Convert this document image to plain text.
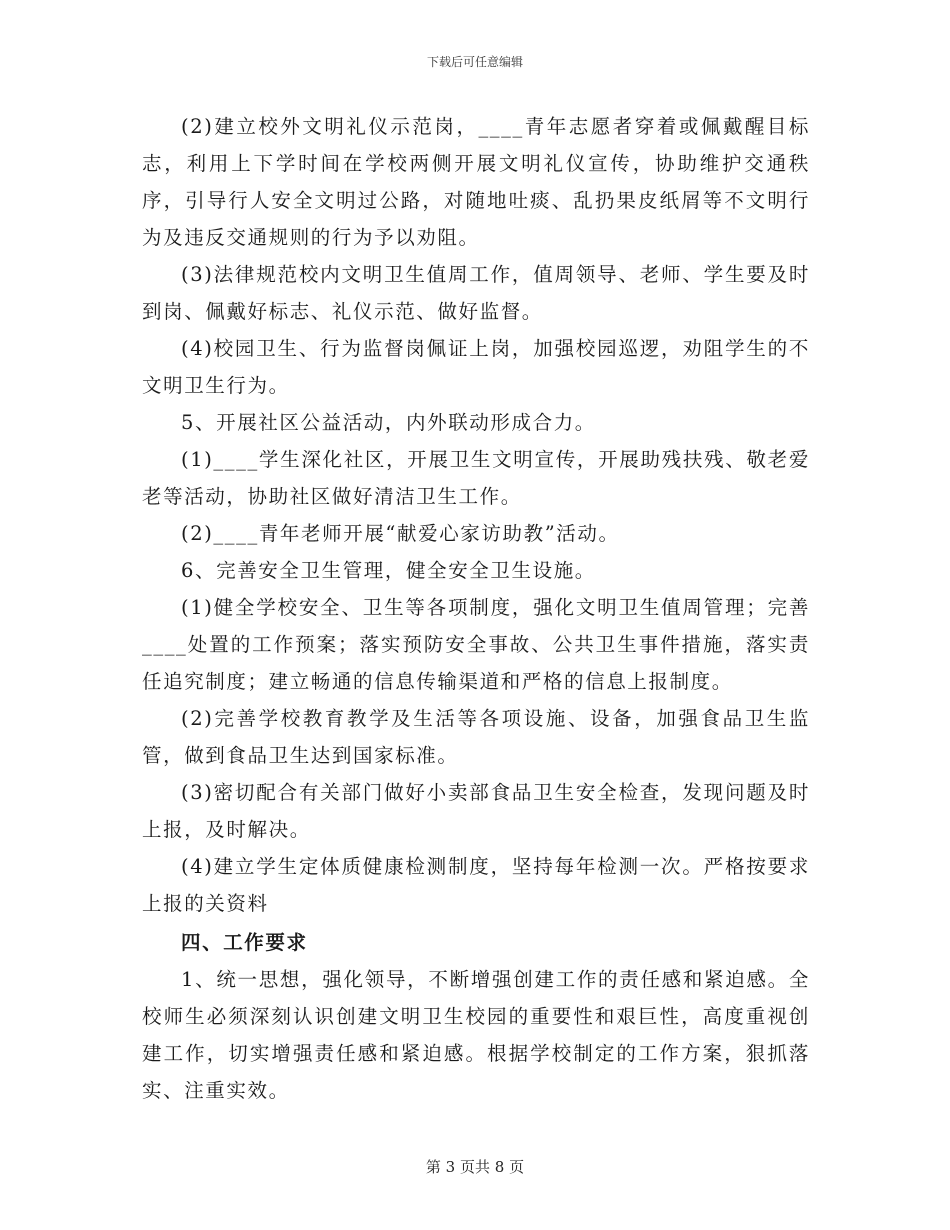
下载后可任意编辑

(2)建立校外文明礼仪示范岗，____青年志愿者穿着或佩戴醒目标志，利用上下学时间在学校两侧开展文明礼仪宣传，协助维护交通秩序，引导行人安全文明过公路，对随地吐痰、乱扔果皮纸屑等不文明行为及违反交通规则的行为予以劝阻。

(3)法律规范校内文明卫生值周工作，值周领导、老师、学生要及时到岗、佩戴好标志、礼仪示范、做好监督。

(4)校园卫生、行为监督岗佩证上岗，加强校园巡逻，劝阻学生的不文明卫生行为。

5、开展社区公益活动，内外联动形成合力。

(1)____学生深化社区，开展卫生文明宣传，开展助残扶残、敬老爱老等活动，协助社区做好清洁卫生工作。

(2)____青年老师开展“献爱心家访助教”活动。

6、完善安全卫生管理，健全安全卫生设施。

(1)健全学校安全、卫生等各项制度，强化文明卫生值周管理；完善____处置的工作预案；落实预防安全事故、公共卫生事件措施，落实责任追究制度；建立畅通的信息传输渠道和严格的信息上报制度。

(2)完善学校教育教学及生活等各项设施、设备，加强食品卫生监管，做到食品卫生达到国家标准。

(3)密切配合有关部门做好小卖部食品卫生安全检查，发现问题及时上报，及时解决。

(4)建立学生定体质健康检测制度，坚持每年检测一次。严格按要求上报的关资料

四、工作要求

1、统一思想，强化领导，不断增强创建工作的责任感和紧迫感。全校师生必须深刻认识创建文明卫生校园的重要性和艰巨性，高度重视创建工作，切实增强责任感和紧迫感。根据学校制定的工作方案，狠抓落实、注重实效。

第 3 页共 8 页
